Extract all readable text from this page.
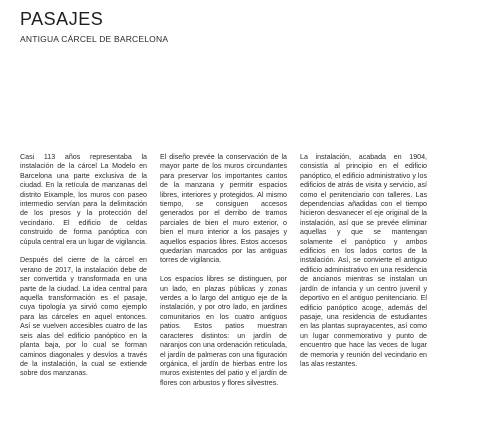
PASAJES
ANTIGUA CÁRCEL DE BARCELONA

Casi 113 años representaba la instalación de la cárcel La Modelo en Barcelona una parte exclusiva de la ciudad. En la retícula de manzanas del distrito Eixample, los muros con paseo intermedio servían para la delimitación de los presos y la protección del vecindario. El edificio de celdas construido de forma panóptica con cúpula central era un lugar de vigilancia.

Después del cierre de la cárcel en verano de 2017, la instalación debe de ser convertida y transformada en una parte de la ciudad. La idea central para aquella transformación es el pasaje, cuya tipología ya sirvió como ejemplo para las cárceles en aquel entonces. Así se vuelven accesibles cuatro de las seis alas del edificio panóptico en la planta baja, por lo cual se forman caminos diagonales y desvíos a través de la instalación, la cual se extiende sobre dos manzanas.

El diseño prevée la conservación de la mayor parte de los muros circundantes para preservar los importantes cantos de la manzana y permitir espacios libres, interiores y protegidos. Al mismo tiempo, se consiguen accesos generados por el derribo de tramos parciales de bien el muro exterior, o bien el muro interior a los pasajes y aquellos espacios libres. Estos accesos quedarían marcados por las antiguas torres de vigilancia.

Los espacios libres se distinguen, por un lado, en plazas públicas y zonas verdes a lo largo del antiguo eje de la instalación, y por otro lado, en jardines comunitarios en los cuatro antiguos patios. Estos patios muestran caracteres distintos: un jardín de naranjos con una ordenación reticulada, el jardín de palmeras con una figuración orgánica, el jardín de hierbas entre los muros existentes del patio y el jardín de flores con arbustos y flores silvestres.

La instalación, acabada en 1904, consistía al principio en el edificio panóptico, el edificio administrativo y los edificios de atrás de visita y servicio, así como el penitenciario con talleres. Las dependencias añadidas con el tiempo hicieron desvanecer el eje original de la instalación, así que se prevée eliminar aquellas y que se mantengan solamente el panóptico y ambos edificios en los lados cortos de la instalación. Así, se convierte el antiguo edificio administrativo en una residencia de ancianos mientras se instalan un jardín de infancia y un centro juvenil y deportivo en el antiguo penitenciario. El edificio panóptico acoge, además del pasaje, una residencia de estudiantes en las plantas suprayacentes, así como un lugar conmemorativo y punto de encuentro que hace las veces de lugar de memoria y reunión del vecindario en las alas restantes.
